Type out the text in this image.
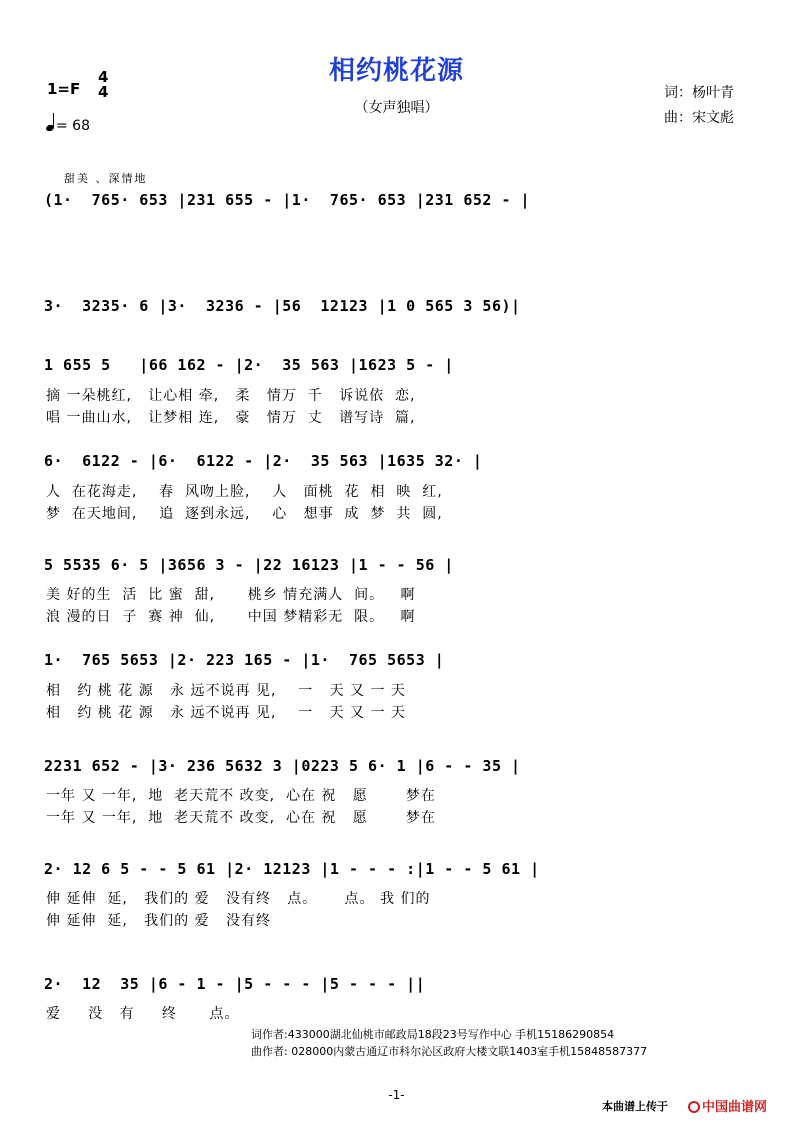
相约桃花源
（女声独唱）
1=F
4
4
= 68
词：杨叶青
曲：宋文彪
甜美 、深情地
(1·  765· 653 |231 655 - |1·  765· 653 |231 652 - |
3·  3235· 6 |3·  3236 - |56  12123 |1 0 565 3 56)|
1 655 5   |66 162 - |2·  35 563 |1623 5 - |
摘 一朵桃红,   让心相 牵,   柔   情万  千   诉说依  恋,
唱 一曲山水,   让梦相 连,   豪   情万  丈   谱写诗  篇,
6·  6122 - |6·  6122 - |2·  35 563 |1635 32· |
人  在花海走,    春  风吻上脸,    人   面桃  花  相  映  红,
梦  在天地间,    追  逐到永远,    心   想事  成  梦  共  圆,
5 5535 6· 5 |3656 3 - |22 16123 |1 - - 56 |
美 好的生  活  比 蜜  甜,      桃乡 情充满人  间。   啊
浪 漫的日  子  赛 神  仙,      中国 梦精彩无  限。   啊
1·  765 5653 |2· 223 165 - |1·  765 5653 |
相   约 桃 花 源   永 远不说再 见,    一   天 又 一 天
相   约 桃 花 源   永 远不说再 见,    一   天 又 一 天
2231 652 - |3· 236 5632 3 |0223 5 6· 1 |6 - - 35 |
一年 又 一年,  地  老天荒不 改变,  心在 祝   愿       梦在
一年 又 一年,  地  老天荒不 改变,  心在 祝   愿       梦在
2· 12 6 5 - - 5 61 |2· 12123 |1 - - - :|1 - - 5 61 |
伸 延伸  延,   我们的 爱   没有终   点。     点。 我 们的
伸 延伸  延,   我们的 爱   没有终
2·  12  35 |6 - 1 - |5 - - - |5 - - - ||
爱     没   有     终      点。
词作者:433000湖北仙桃市邮政局18段23号写作中心 手机15186290854
曲作者: 028000内蒙古通辽市科尔沁区政府大楼文联1403室手机15848587377
-1-
本曲谱上传于	中国曲谱网
